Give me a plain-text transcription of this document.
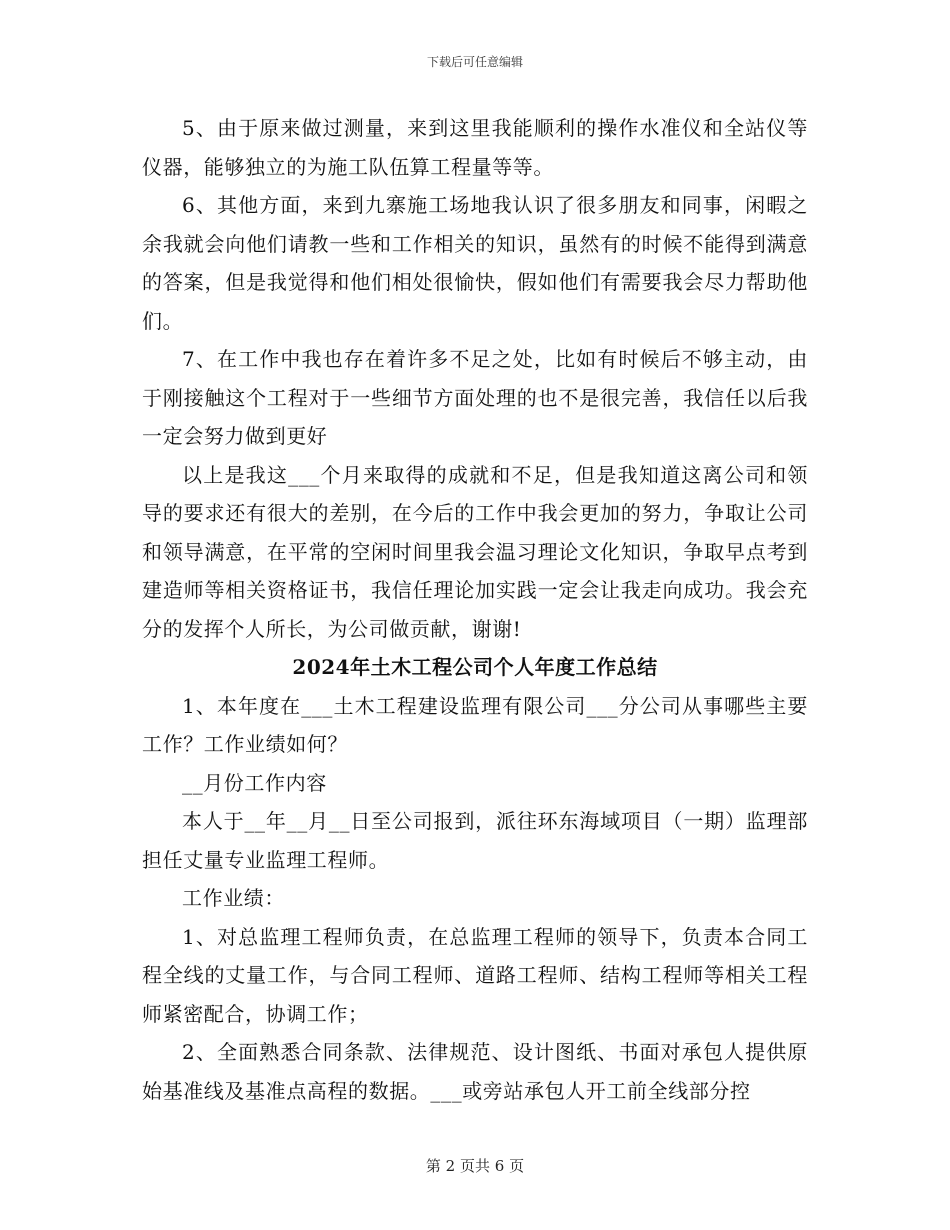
下载后可任意编辑

5、由于原来做过测量，来到这里我能顺利的操作水准仪和全站仪等仪器，能够独立的为施工队伍算工程量等等。

6、其他方面，来到九寨施工场地我认识了很多朋友和同事，闲暇之余我就会向他们请教一些和工作相关的知识，虽然有的时候不能得到满意的答案，但是我觉得和他们相处很愉快，假如他们有需要我会尽力帮助他们。

7、在工作中我也存在着许多不足之处，比如有时候后不够主动，由于刚接触这个工程对于一些细节方面处理的也不是很完善，我信任以后我一定会努力做到更好

以上是我这___个月来取得的成就和不足，但是我知道这离公司和领导的要求还有很大的差别，在今后的工作中我会更加的努力，争取让公司和领导满意，在平常的空闲时间里我会温习理论文化知识，争取早点考到建造师等相关资格证书，我信任理论加实践一定会让我走向成功。我会充分的发挥个人所长，为公司做贡献，谢谢!

2024年土木工程公司个人年度工作总结

1、本年度在___土木工程建设监理有限公司___分公司从事哪些主要工作？工作业绩如何？

__月份工作内容

本人于__年__月__日至公司报到，派往环东海域项目（一期）监理部担任丈量专业监理工程师。

工作业绩：

1、对总监理工程师负责，在总监理工程师的领导下，负责本合同工程全线的丈量工作，与合同工程师、道路工程师、结构工程师等相关工程师紧密配合，协调工作；

2、全面熟悉合同条款、法律规范、设计图纸、书面对承包人提供原始基准线及基准点高程的数据。___或旁站承包人开工前全线部分控

第 2 页共 6 页
